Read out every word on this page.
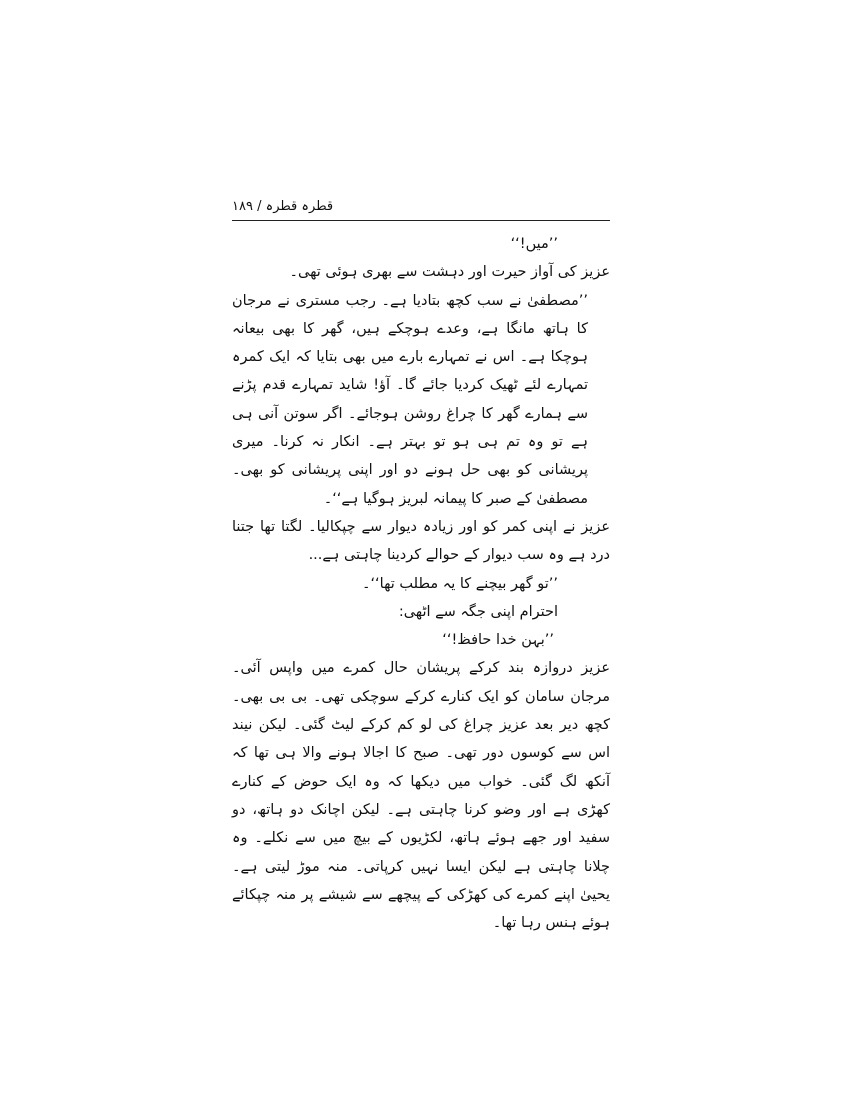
قطرہ قطرہ / ۱۸۹

’’میں!‘‘

عزیز کی آواز حیرت اور دہشت سے بھری ہوئی تھی۔

’’مصطفیٰ نے سب کچھ بتادیا ہے۔ رجب مستری نے مرجان کا ہاتھ مانگا ہے، وعدے ہوچکے ہیں، گھر کا بھی بیعانہ ہوچکا ہے۔ اس نے تمہارے بارے میں بھی بتایا کہ ایک کمرہ تمہارے لئے ٹھیک کردیا جائے گا۔ آؤ! شاید تمہارے قدم پڑنے سے ہمارے گھر کا چراغ روشن ہوجائے۔ اگر سوتن آنی ہی ہے تو وہ تم ہی ہو تو بہتر ہے۔ انکار نہ کرنا۔ میری پریشانی کو بھی حل ہونے دو اور اپنی پریشانی کو بھی۔ مصطفیٰ کے صبر کا پیمانہ لبریز ہوگیا ہے‘‘۔

عزیز نے اپنی کمر کو اور زیادہ دیوار سے چپکالیا۔ لگتا تھا جتنا درد ہے وہ سب دیوار کے حوالے کردینا چاہتی ہے...

’’تو گھر بیچنے کا یہ مطلب تھا‘‘۔

احترام اپنی جگہ سے اٹھی:

’’بہن خدا حافظ!‘‘

عزیز دروازہ بند کرکے پریشان حال کمرے میں واپس آئی۔ مرجان سامان کو ایک کنارے کرکے سوچکی تھی۔ بی بی بھی۔ کچھ دیر بعد عزیز چراغ کی لو کم کرکے لیٹ گئی۔ لیکن نیند اس سے کوسوں دور تھی۔ صبح کا اجالا ہونے والا ہی تھا کہ آنکھ لگ گئی۔ خواب میں دیکھا کہ وہ ایک حوض کے کنارے کھڑی ہے اور وضو کرنا چاہتی ہے۔ لیکن اچانک دو ہاتھ، دو سفید اور جھے ہوئے ہاتھ، لکڑیوں کے بیچ میں سے نکلے۔ وہ چلانا چاہتی ہے لیکن ایسا نہیں کرپاتی۔ منہ موڑ لیتی ہے۔ یحییٰ اپنے کمرے کی کھڑکی کے پیچھے سے شیشے پر منہ چپکائے ہوئے ہنس رہا تھا۔
